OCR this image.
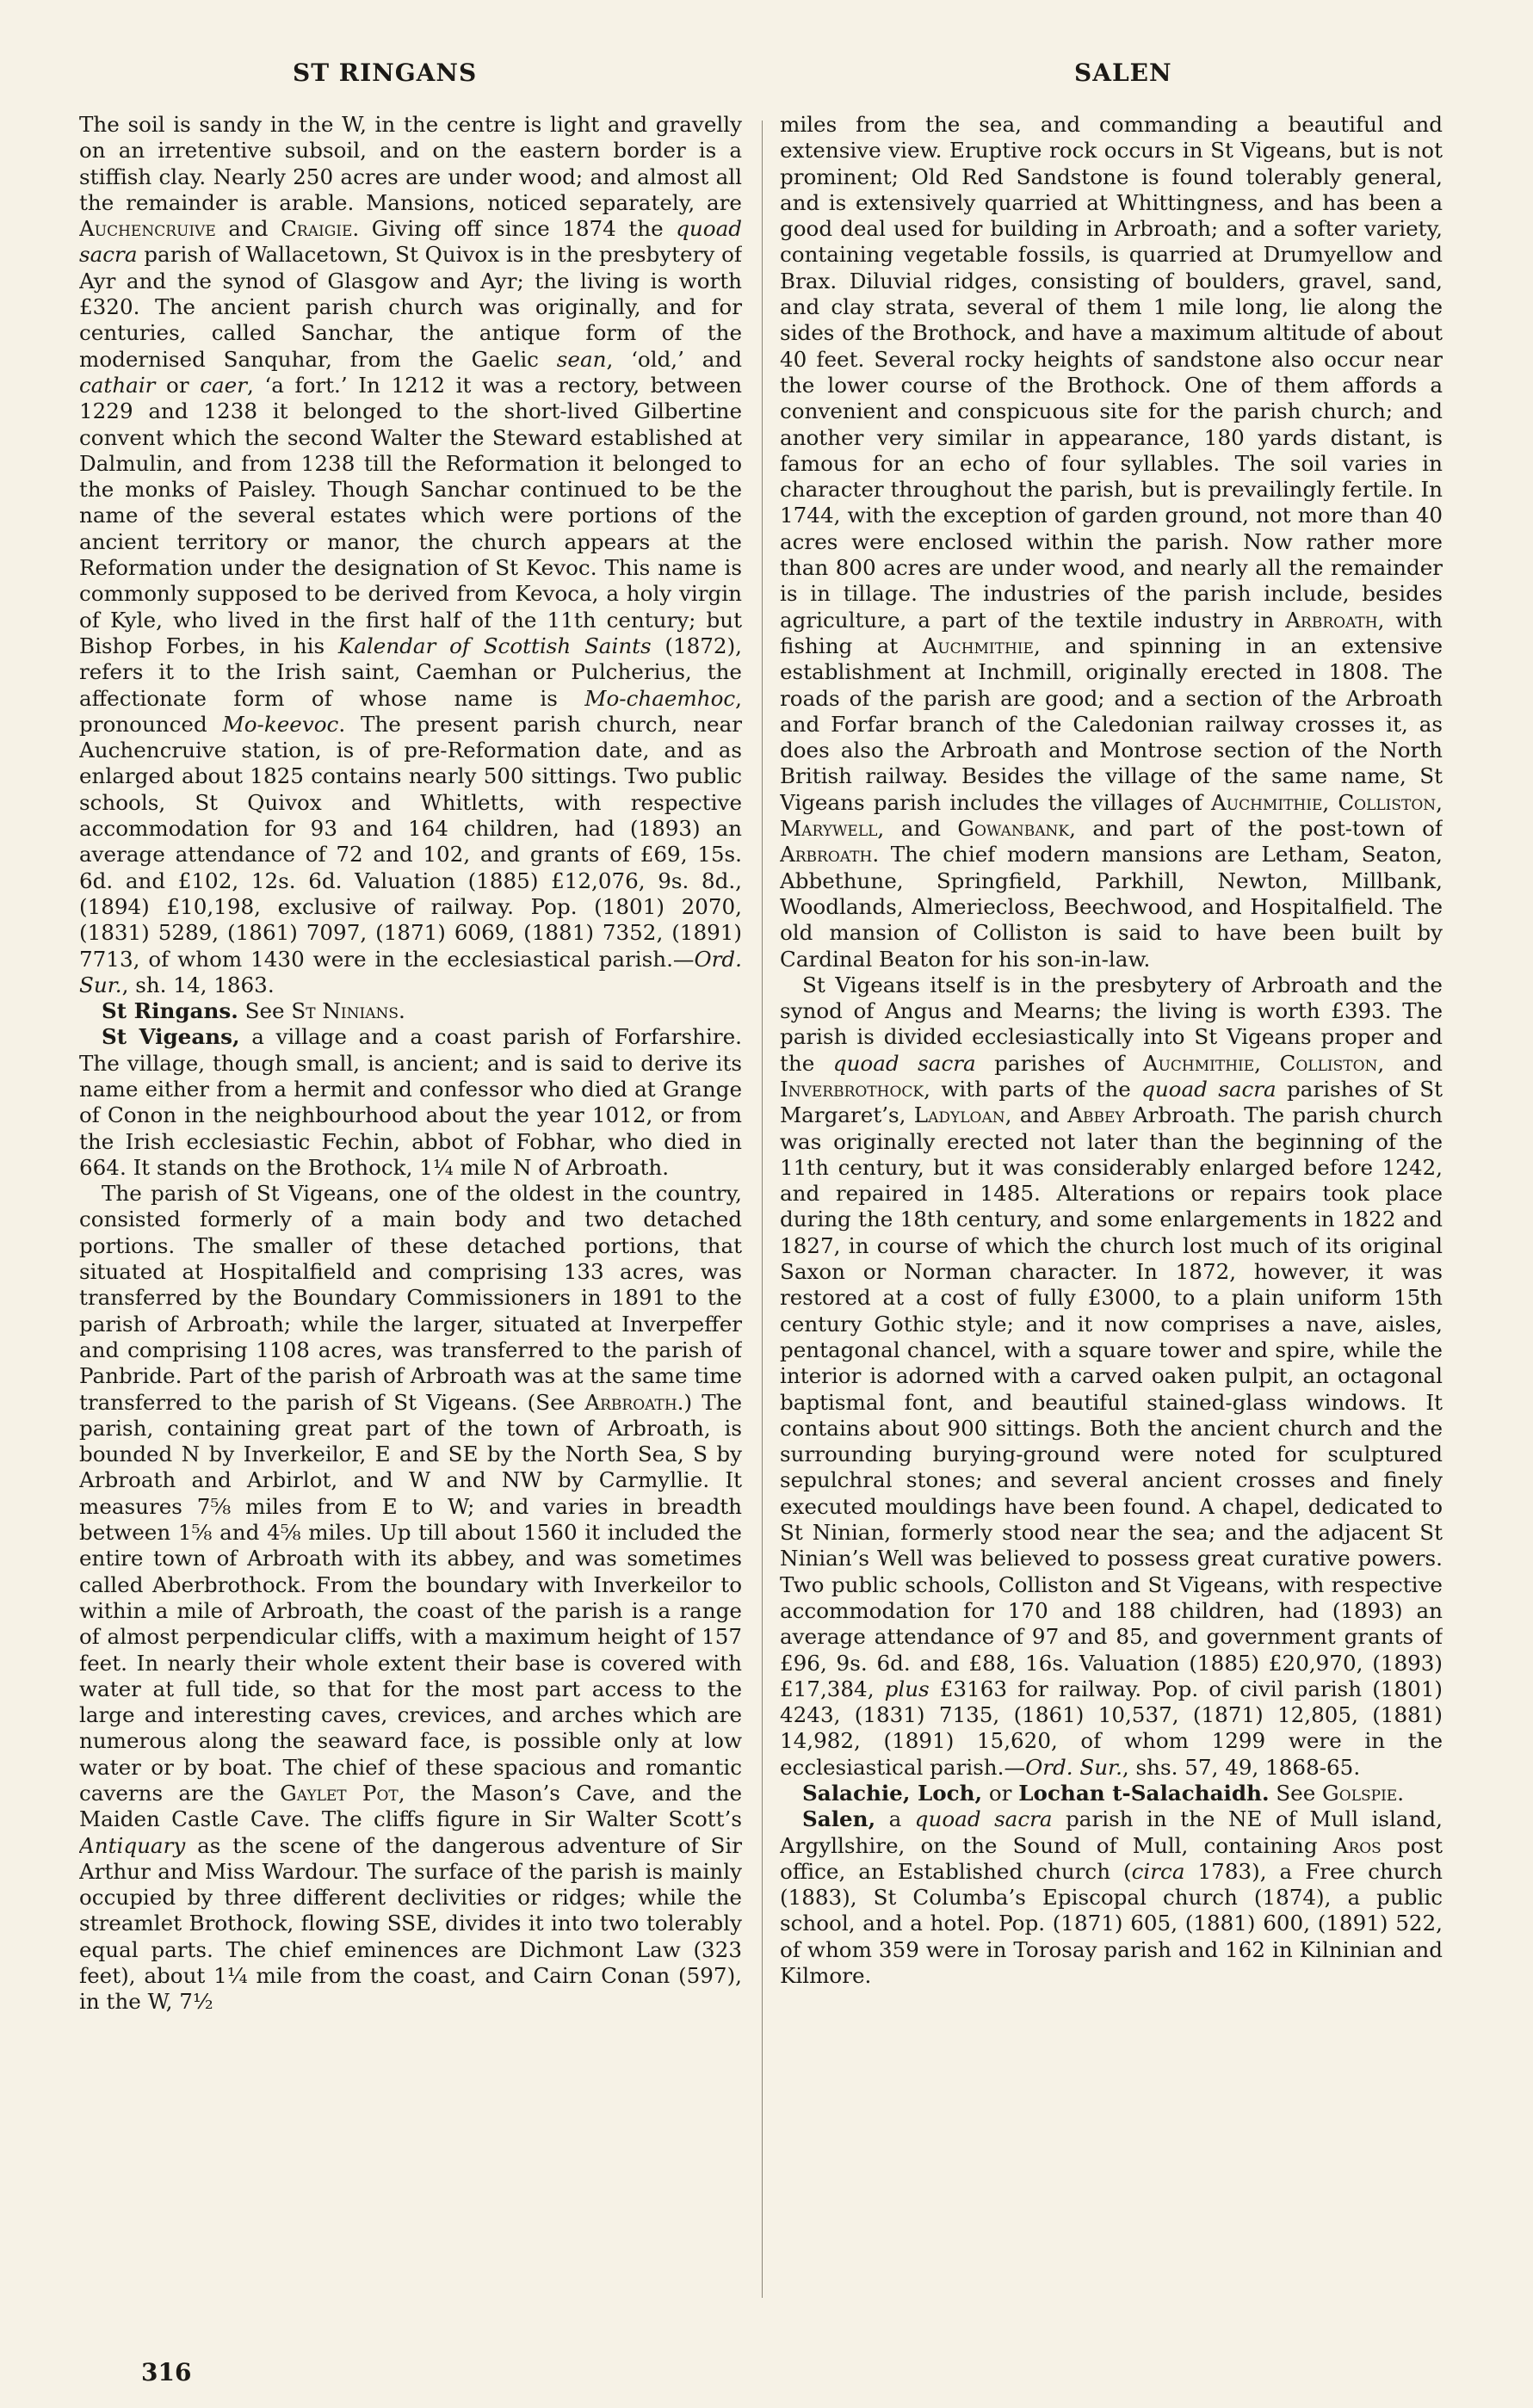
ST RINGANS	SALEN

The soil is sandy in the W, in the centre is light and gravelly on an irretentive subsoil, and on the eastern border is a stiffish clay. Nearly 250 acres are under wood; and almost all the remainder is arable. Mansions, noticed separately, are Auchencruive and Craigie. Giving off since 1874 the quoad sacra parish of Wallacetown, St Quivox is in the presbytery of Ayr and the synod of Glasgow and Ayr; the living is worth £320. The ancient parish church was originally, and for centuries, called Sanchar, the antique form of the modernised Sanquhar, from the Gaelic sean, ‘old,’ and cathair or caer, ‘a fort.’ In 1212 it was a rectory, between 1229 and 1238 it belonged to the short-lived Gilbertine convent which the second Walter the Steward established at Dalmulin, and from 1238 till the Reformation it belonged to the monks of Paisley. Though Sanchar continued to be the name of the several estates which were portions of the ancient territory or manor, the church appears at the Reformation under the designation of St Kevoc. This name is commonly supposed to be derived from Kevoca, a holy virgin of Kyle, who lived in the first half of the 11th century; but Bishop Forbes, in his Kalendar of Scottish Saints (1872), refers it to the Irish saint, Caemhan or Pulcherius, the affectionate form of whose name is Mo-chaemhoc, pronounced Mo-keevoc. The present parish church, near Auchencruive station, is of pre-Reformation date, and as enlarged about 1825 contains nearly 500 sittings. Two public schools, St Quivox and Whitletts, with respective accommodation for 93 and 164 children, had (1893) an average attendance of 72 and 102, and grants of £69, 15s. 6d. and £102, 12s. 6d. Valuation (1885) £12,076, 9s. 8d., (1894) £10,198, exclusive of railway. Pop. (1801) 2070, (1831) 5289, (1861) 7097, (1871) 6069, (1881) 7352, (1891) 7713, of whom 1430 were in the ecclesiastical parish.—Ord. Sur., sh. 14, 1863.

St Ringans. See St Ninians.

St Vigeans, a village and a coast parish of Forfarshire. The village, though small, is ancient; and is said to derive its name either from a hermit and confessor who died at Grange of Conon in the neighbourhood about the year 1012, or from the Irish ecclesiastic Fechin, abbot of Fobhar, who died in 664. It stands on the Brothock, 1¼ mile N of Arbroath.

The parish of St Vigeans, one of the oldest in the country, consisted formerly of a main body and two detached portions. The smaller of these detached portions, that situated at Hospitalfield and comprising 133 acres, was transferred by the Boundary Commissioners in 1891 to the parish of Arbroath; while the larger, situated at Inverpeffer and comprising 1108 acres, was transferred to the parish of Panbride. Part of the parish of Arbroath was at the same time transferred to the parish of St Vigeans. (See Arbroath.) The parish, containing great part of the town of Arbroath, is bounded N by Inverkeilor, E and SE by the North Sea, S by Arbroath and Arbirlot, and W and NW by Carmyllie. It measures 7⅝ miles from E to W; and varies in breadth between 1⅝ and 4⅝ miles. Up till about 1560 it included the entire town of Arbroath with its abbey, and was sometimes called Aberbrothock. From the boundary with Inverkeilor to within a mile of Arbroath, the coast of the parish is a range of almost perpendicular cliffs, with a maximum height of 157 feet. In nearly their whole extent their base is covered with water at full tide, so that for the most part access to the large and interesting caves, crevices, and arches which are numerous along the seaward face, is possible only at low water or by boat. The chief of these spacious and romantic caverns are the Gaylet Pot, the Mason’s Cave, and the Maiden Castle Cave. The cliffs figure in Sir Walter Scott’s Antiquary as the scene of the dangerous adventure of Sir Arthur and Miss Wardour. The surface of the parish is mainly occupied by three different declivities or ridges; while the streamlet Brothock, flowing SSE, divides it into two tolerably equal parts. The chief eminences are Dichmont Law (323 feet), about 1¼ mile from the coast, and Cairn Conan (597), in the W, 7½

miles from the sea, and commanding a beautiful and extensive view. Eruptive rock occurs in St Vigeans, but is not prominent; Old Red Sandstone is found tolerably general, and is extensively quarried at Whittingness, and has been a good deal used for building in Arbroath; and a softer variety, containing vegetable fossils, is quarried at Drumyellow and Brax. Diluvial ridges, consisting of boulders, gravel, sand, and clay strata, several of them 1 mile long, lie along the sides of the Brothock, and have a maximum altitude of about 40 feet. Several rocky heights of sandstone also occur near the lower course of the Brothock. One of them affords a convenient and conspicuous site for the parish church; and another very similar in appearance, 180 yards distant, is famous for an echo of four syllables. The soil varies in character throughout the parish, but is prevailingly fertile. In 1744, with the exception of garden ground, not more than 40 acres were enclosed within the parish. Now rather more than 800 acres are under wood, and nearly all the remainder is in tillage. The industries of the parish include, besides agriculture, a part of the textile industry in Arbroath, with fishing at Auchmithie, and spinning in an extensive establishment at Inchmill, originally erected in 1808. The roads of the parish are good; and a section of the Arbroath and Forfar branch of the Caledonian railway crosses it, as does also the Arbroath and Montrose section of the North British railway. Besides the village of the same name, St Vigeans parish includes the villages of Auchmithie, Colliston, Marywell, and Gowanbank, and part of the post-town of Arbroath. The chief modern mansions are Letham, Seaton, Abbethune, Springfield, Parkhill, Newton, Millbank, Woodlands, Almeriecloss, Beechwood, and Hospitalfield. The old mansion of Colliston is said to have been built by Cardinal Beaton for his son-in-law.

St Vigeans itself is in the presbytery of Arbroath and the synod of Angus and Mearns; the living is worth £393. The parish is divided ecclesiastically into St Vigeans proper and the quoad sacra parishes of Auchmithie, Colliston, and Inverbrothock, with parts of the quoad sacra parishes of St Margaret’s, Ladyloan, and Abbey Arbroath. The parish church was originally erected not later than the beginning of the 11th century, but it was considerably enlarged before 1242, and repaired in 1485. Alterations or repairs took place during the 18th century, and some enlargements in 1822 and 1827, in course of which the church lost much of its original Saxon or Norman character. In 1872, however, it was restored at a cost of fully £3000, to a plain uniform 15th century Gothic style; and it now comprises a nave, aisles, pentagonal chancel, with a square tower and spire, while the interior is adorned with a carved oaken pulpit, an octagonal baptismal font, and beautiful stained-glass windows. It contains about 900 sittings. Both the ancient church and the surrounding burying-ground were noted for sculptured sepulchral stones; and several ancient crosses and finely executed mouldings have been found. A chapel, dedicated to St Ninian, formerly stood near the sea; and the adjacent St Ninian’s Well was believed to possess great curative powers. Two public schools, Colliston and St Vigeans, with respective accommodation for 170 and 188 children, had (1893) an average attendance of 97 and 85, and government grants of £96, 9s. 6d. and £88, 16s. Valuation (1885) £20,970, (1893) £17,384, plus £3163 for railway. Pop. of civil parish (1801) 4243, (1831) 7135, (1861) 10,537, (1871) 12,805, (1881) 14,982, (1891) 15,620, of whom 1299 were in the ecclesiastical parish.—Ord. Sur., shs. 57, 49, 1868-65.

Salachie, Loch, or Lochan t-Salachaidh. See Golspie.

Salen, a quoad sacra parish in the NE of Mull island, Argyllshire, on the Sound of Mull, containing Aros post office, an Established church (circa 1783), a Free church (1883), St Columba’s Episcopal church (1874), a public school, and a hotel. Pop. (1871) 605, (1881) 600, (1891) 522, of whom 359 were in Torosay parish and 162 in Kilninian and Kilmore.

316
